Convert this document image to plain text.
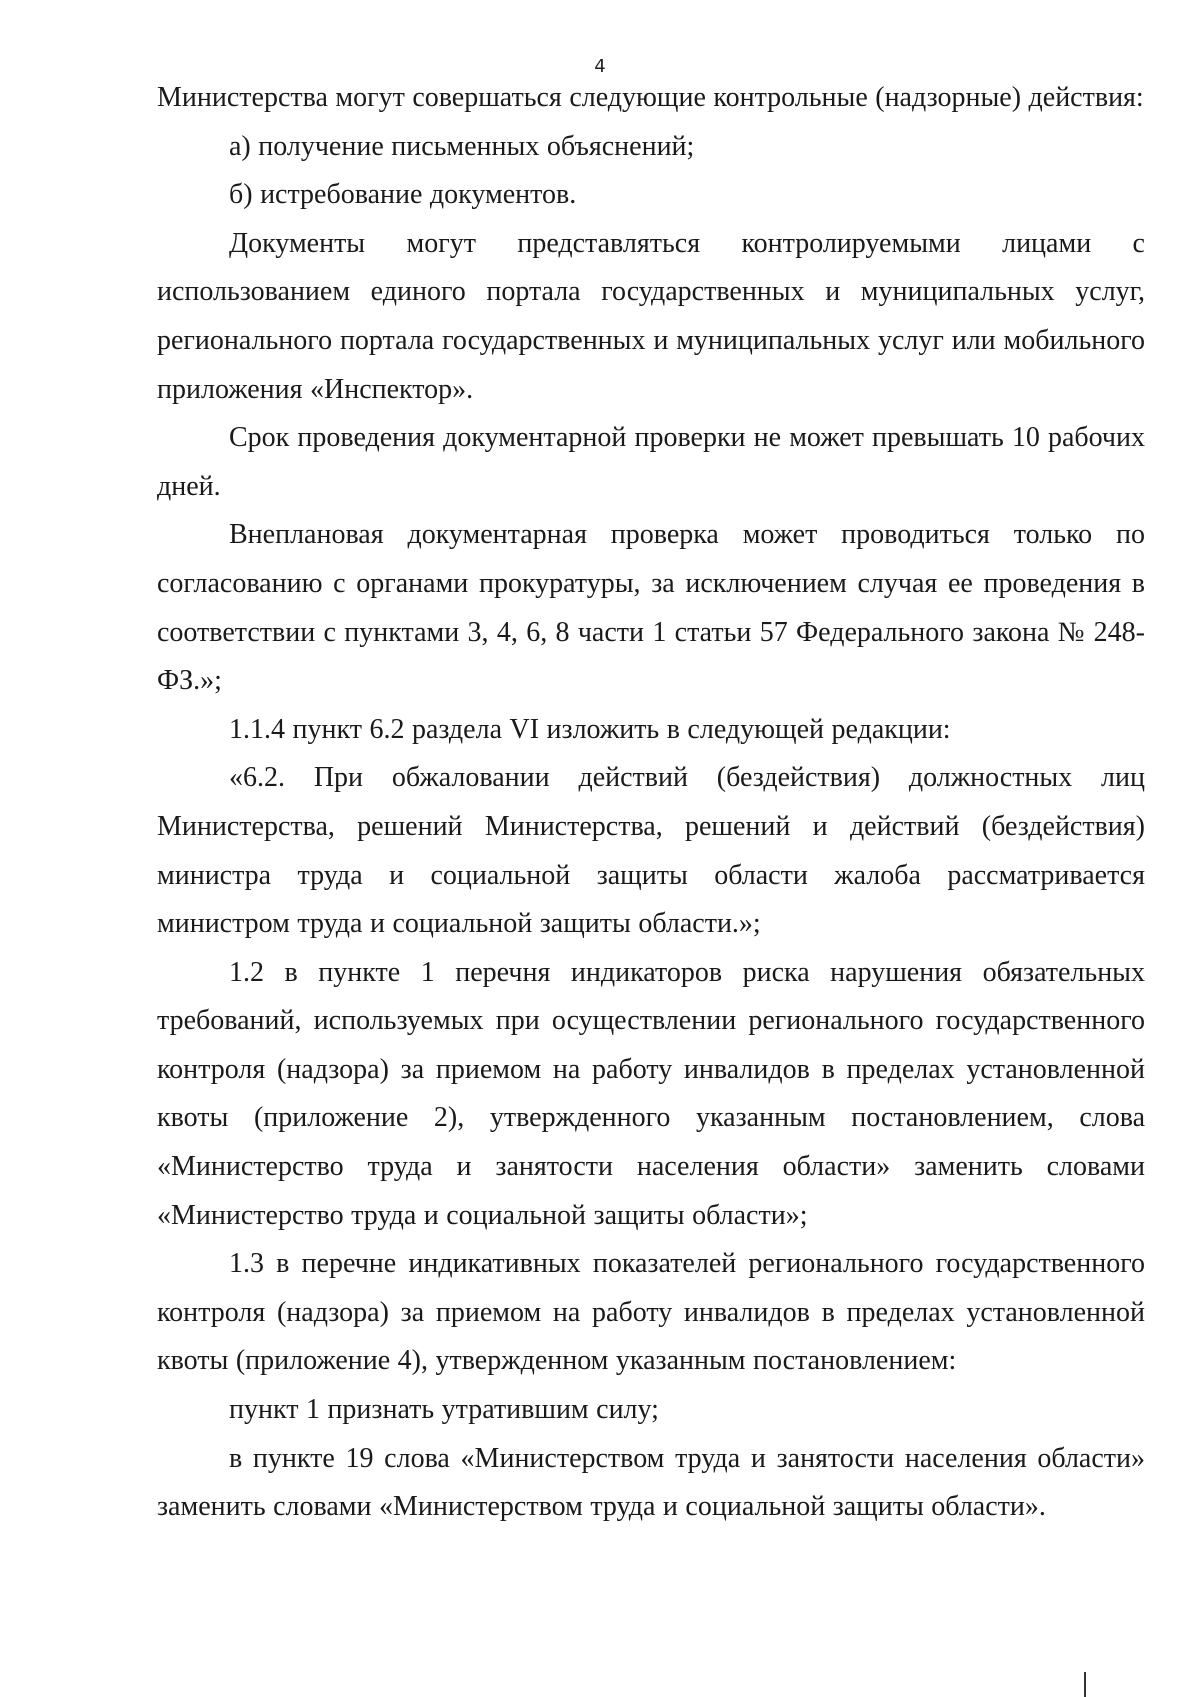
4

Министерства могут совершаться следующие контрольные (надзорные) действия:

а) получение письменных объяснений;

б) истребование документов.

Документы могут представляться контролируемыми лицами с использованием единого портала государственных и муниципальных услуг, регионального портала государственных и муниципальных услуг или мобильного приложения «Инспектор».

Срок проведения документарной проверки не может превышать 10 рабочих дней.

Внеплановая документарная проверка может проводиться только по согласованию с органами прокуратуры, за исключением случая ее проведения в соответствии с пунктами 3, 4, 6, 8 части 1 статьи 57 Федерального закона № 248-ФЗ.»;

1.1.4 пункт 6.2 раздела VI изложить в следующей редакции:

«6.2. При обжаловании действий (бездействия) должностных лиц Министерства, решений Министерства, решений и действий (бездействия) министра труда и социальной защиты области жалоба рассматривается министром труда и социальной защиты области.»;

1.2 в пункте 1 перечня индикаторов риска нарушения обязательных требований, используемых при осуществлении регионального государственного контроля (надзора) за приемом на работу инвалидов в пределах установленной квоты (приложение 2), утвержденного указанным постановлением, слова «Министерство труда и занятости населения области» заменить словами «Министерство труда и социальной защиты области»;

1.3 в перечне индикативных показателей регионального государственного контроля (надзора) за приемом на работу инвалидов в пределах установленной квоты (приложение 4), утвержденном указанным постановлением:

пункт 1 признать утратившим силу;

в пункте 19 слова «Министерством труда и занятости населения области» заменить словами «Министерством труда и социальной защиты области».
